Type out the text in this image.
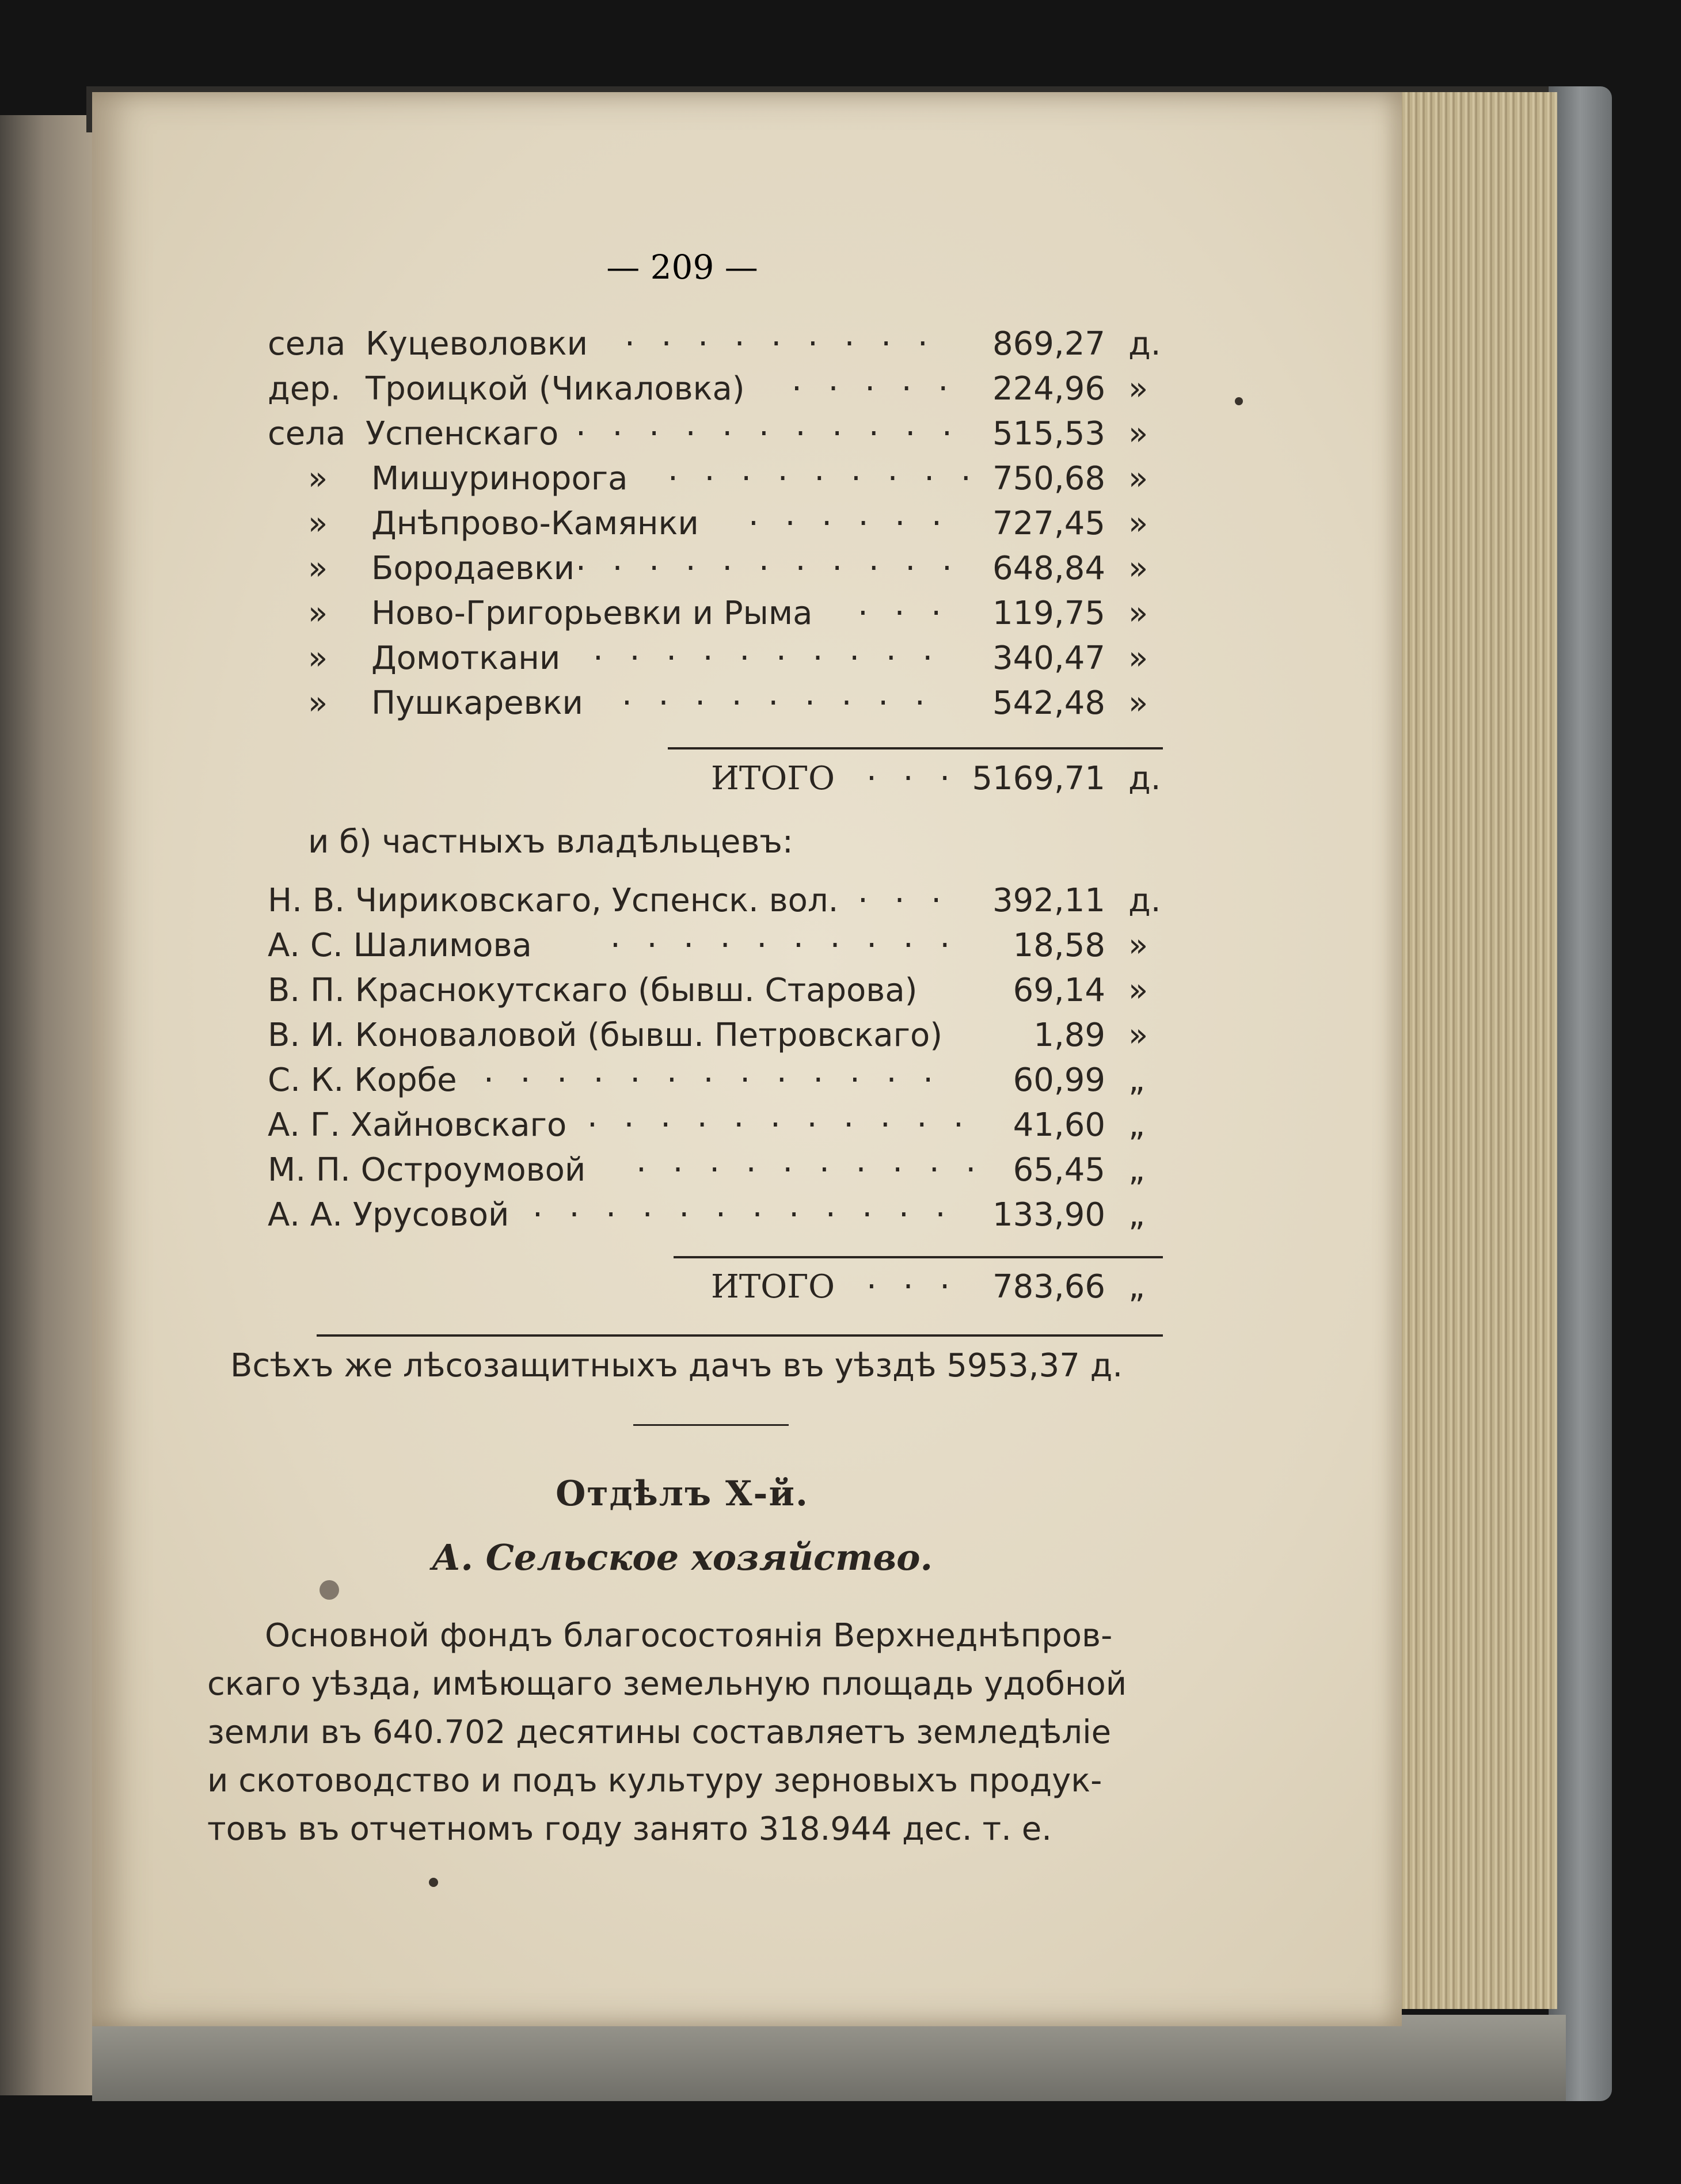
— 209 —
села Куцеволовки · · · · · · · · · 869,27 д.
дер. Троицкой (Чикаловка) · · · · · 224,96 »
села Успенскаго · · · · · · · · · · · 515,53 »
» Мишуринорога · · · · · · · · · 750,68 »
» Днѣпрово-Камянки · · · · · · 727,45 »
» Бородаевки · · · · · · · · · · · 648,84 »
» Ново-Григорьевки и Рыма · · · 119,75 »
» Домоткани · · · · · · · · · · 340,47 »
» Пушкаревки · · · · · · · · · 542,48 »
ИТОГО · · · 5169,71 д.
и б) частныхъ владѣльцевъ:
Н. В. Чириковскаго, Успенск. вол. · · · 392,11 д.
А. С. Шалимова · · · · · · · · · · 18,58 »
В. П. Краснокутскаго (бывш. Старова)	69,14 »
В. И. Коноваловой (бывш. Петровскаго)	1,89 »
С. К. Корбе · · · · · · · · · · · · · 60,99 „
А. Г. Хайновскаго · · · · · · · · · · · 41,60 „
М. П. Остроумовой · · · · · · · · · · 65,45 „
А. А. Урусовой · · · · · · · · · · · · 133,90 „
ИТОГО · · · 783,66 „
Всѣхъ же лѣсозащитныхъ дачъ въ уѣздѣ 5953,37 д.
Отдѣлъ Х-й.
А. Сельское хозяйство.
Основной фондъ благосостоянія Верхнеднѣпров-
скаго уѣзда, имѣющаго земельную площадь удобной
земли въ 640.702 десятины составляетъ земледѣліе
и скотоводство и подъ культуру зерновыхъ продук-
товъ въ отчетномъ году занято 318.944 дес. т. е.
